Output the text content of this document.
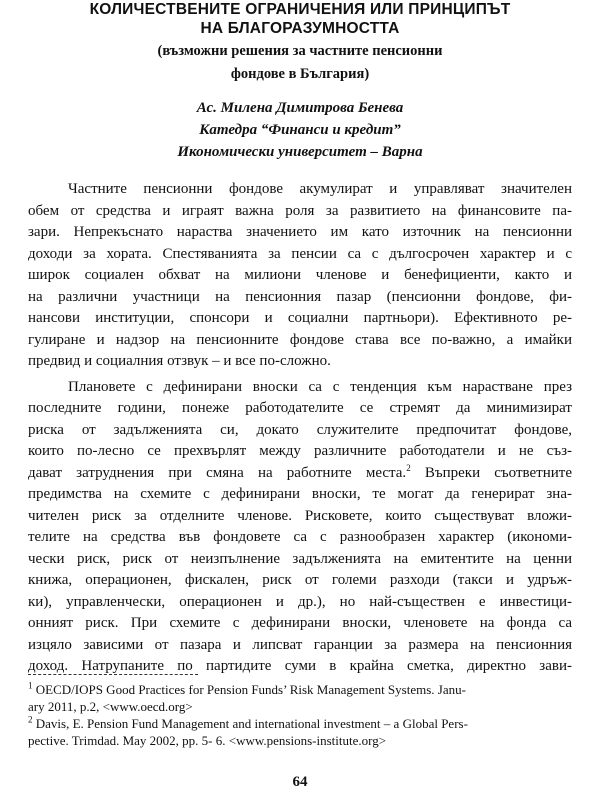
КОЛИЧЕСТВЕНИТЕ ОГРАНИЧЕНИЯ ИЛИ ПРИНЦИПЪТ
НА БЛАГОРАЗУМНОСТТА
(възможни решения за частните пенсионни
фондове в България)
Ас. Милена Димитрова Бенева
Катедра “Финанси и кредит”
Икономически университет – Варна
Частните пенсионни фондове акумулират и управляват значителен
обем от средства и играят важна роля за развитието на финансовите па-
зари. Непрекъснато нараства значението им като източник на пенсионни
доходи за хората. Спестяванията за пенсии са с дългосрочен характер и с
широк социален обхват на милиони членове и бенефициенти, както и
на различни участници на пенсионния пазар (пенсионни фондове, фи-
нансови институции, спонсори и социални партньори). Ефективното ре-
гулиране и надзор на пенсионните фондове става все по-важно, а имайки
предвид и социалния отзвук – и все по-сложно.
Плановете с дефинирани вноски са с тенденция към нарастване през
последните години, понеже работодателите се стремят да минимизират
риска от задълженията си, докато служителите предпочитат фондове,
които по-лесно се прехвърлят между различните работодатели и не съз-
дават затруднения при смяна на работните места.$^2$ Въпреки съответните
предимства на схемите с дефинирани вноски, те могат да генерират зна-
чителен риск за отделните членове. Рисковете, които съществуват вложи-
телите на средства във фондовете са с разнообразен характер (икономи-
чески риск, риск от неизпълнение задълженията на емитентите на ценни
книжа, операционен, фискален, риск от големи разходи (такси и удръж-
ки), управленчески, операционен и др.), но най-съществен е инвестици-
онният риск. При схемите с дефинирани вноски, членовете на фонда са
изцяло зависими от пазара и липсват гаранции за размера на пенсионния
$^1$ OECD/IOPS Good Practices for Pension Funds’ Risk Management Systems. Janu-
ary 2011, p.2, <www.oecd.org>
$^2$ Davis, E. Pension Fund Management and international investment – a Global Pers-
pective. Trimdad. May 2002, pp. 5- 6. <www.pensions-institute.org>
64
доход. Натрупаните по партидите суми в крайна сметка, директно зави-
